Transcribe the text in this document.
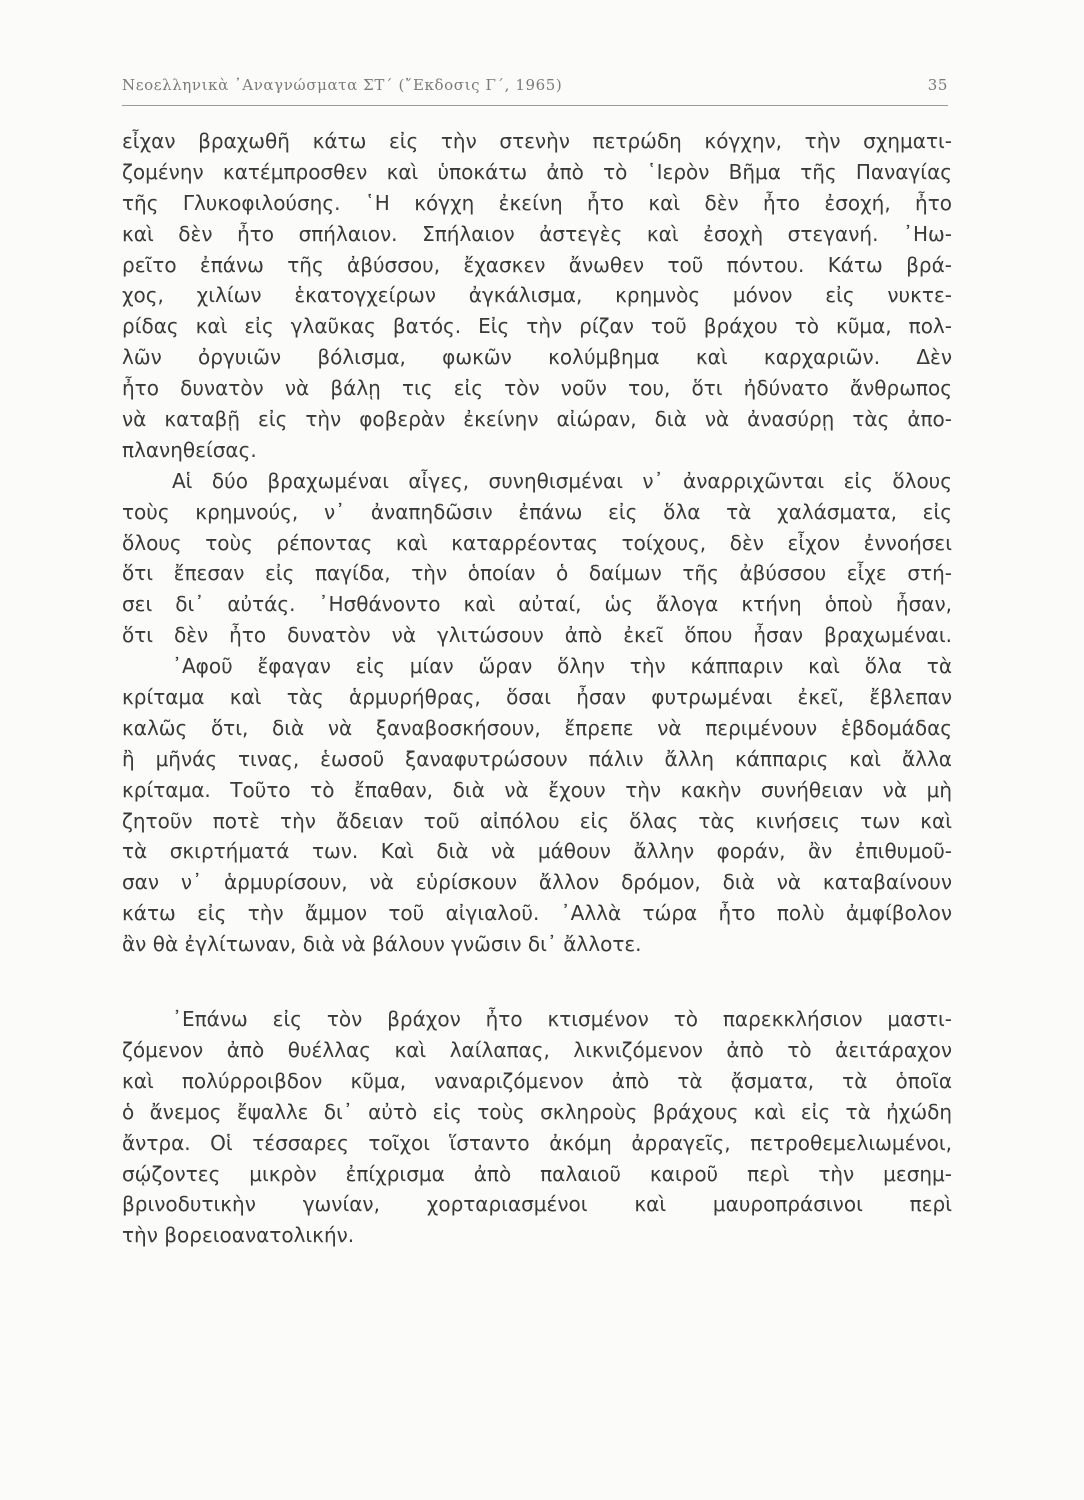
Νεοελληνικὰ ᾿Αναγνώσματα ΣΤ΄ (῎Εκδοσις Γ΄, 1965)	35
εἶχαν βραχωθῆ κάτω εἰς τὴν στενὴν πετρώδη κόγχην, τὴν σχηματι-
ζομένην κατέμπροσθεν καὶ ὑποκάτω ἀπὸ τὸ ῾Ιερὸν Βῆμα τῆς Παναγίας
τῆς Γλυκοφιλούσης. ῾Η κόγχη ἐκείνη ἦτο καὶ δὲν ἦτο ἐσοχή, ἦτο
καὶ δὲν ἦτο σπήλαιον. Σπήλαιον ἀστεγὲς καὶ ἐσοχὴ στεγανή. ᾿Ηω-
ρεῖτο ἐπάνω τῆς ἀβύσσου, ἔχασκεν ἄνωθεν τοῦ πόντου. Κάτω βρά-
χος, χιλίων ἑκατογχείρων ἀγκάλισμα, κρημνὸς μόνον εἰς νυκτε-
ρίδας καὶ εἰς γλαῦκας βατός. Εἰς τὴν ρίζαν τοῦ βράχου τὸ κῦμα, πολ-
λῶν ὀργυιῶν βόλισμα, φωκῶν κολύμβημα καὶ καρχαριῶν. Δὲν
ἦτο δυνατὸν νὰ βάλῃ τις εἰς τὸν νοῦν του, ὅτι ἠδύνατο ἄνθρωπος
νὰ καταβῇ εἰς τὴν φοβερὰν ἐκείνην αἰώραν, διὰ νὰ ἀνασύρῃ τὰς ἀπο-
πλανηθείσας.
Αἱ δύο βραχωμέναι αἶγες, συνηθισμέναι ν᾿ ἀναρριχῶνται εἰς ὅλους
τοὺς κρημνούς, ν᾿ ἀναπηδῶσιν ἐπάνω εἰς ὅλα τὰ χαλάσματα, εἰς
ὅλους τοὺς ρέποντας καὶ καταρρέοντας τοίχους, δὲν εἶχον ἐννοήσει
ὅτι ἔπεσαν εἰς παγίδα, τὴν ὁποίαν ὁ δαίμων τῆς ἀβύσσου εἶχε στή-
σει δι᾿ αὐτάς. ᾿Ησθάνοντο καὶ αὐταί, ὡς ἄλογα κτήνη ὁποὺ ἦσαν,
ὅτι δὲν ἦτο δυνατὸν νὰ γλιτώσουν ἀπὸ ἐκεῖ ὅπου ἦσαν βραχωμέναι.
᾿Αφοῦ ἔφαγαν εἰς μίαν ὥραν ὅλην τὴν κάππαριν καὶ ὅλα τὰ
κρίταμα καὶ τὰς ἁρμυρήθρας, ὅσαι ἦσαν φυτρωμέναι ἐκεῖ, ἔβλεπαν
καλῶς ὅτι, διὰ νὰ ξαναβοσκήσουν, ἔπρεπε νὰ περιμένουν ἑβδομάδας
ἢ μῆνάς τινας, ἑωσοῦ ξαναφυτρώσουν πάλιν ἄλλη κάππαρις καὶ ἄλλα
κρίταμα. Τοῦτο τὸ ἔπαθαν, διὰ νὰ ἔχουν τὴν κακὴν συνήθειαν νὰ μὴ
ζητοῦν ποτὲ τὴν ἄδειαν τοῦ αἰπόλου εἰς ὅλας τὰς κινήσεις των καὶ
τὰ σκιρτήματά των. Καὶ διὰ νὰ μάθουν ἄλλην φοράν, ἂν ἐπιθυμοῦ-
σαν ν᾿ ἁρμυρίσουν, νὰ εὑρίσκουν ἄλλον δρόμον, διὰ νὰ καταβαίνουν
κάτω εἰς τὴν ἄμμον τοῦ αἰγιαλοῦ. ᾿Αλλὰ τώρα ἦτο πολὺ ἀμφίβολον
ἂν θὰ ἐγλίτωναν, διὰ νὰ βάλουν γνῶσιν δι᾿ ἄλλοτε.
᾿Επάνω εἰς τὸν βράχον ἦτο κτισμένον τὸ παρεκκλήσιον μαστι-
ζόμενον ἀπὸ θυέλλας καὶ λαίλαπας, λικνιζόμενον ἀπὸ τὸ ἀειτάραχον
καὶ πολύρροιβδον κῦμα, ναναριζόμενον ἀπὸ τὰ ᾄσματα, τὰ ὁποῖα
ὁ ἄνεμος ἔψαλλε δι᾿ αὐτὸ εἰς τοὺς σκληροὺς βράχους καὶ εἰς τὰ ἠχώδη
ἄντρα. Οἱ τέσσαρες τοῖχοι ἵσταντο ἀκόμη ἀρραγεῖς, πετροθεμελιωμένοι,
σῴζοντες μικρὸν ἐπίχρισμα ἀπὸ παλαιοῦ καιροῦ περὶ τὴν μεσημ-
βρινοδυτικὴν γωνίαν, χορταριασμένοι καὶ μαυροπράσινοι περὶ
τὴν βορειοανατολικήν.
